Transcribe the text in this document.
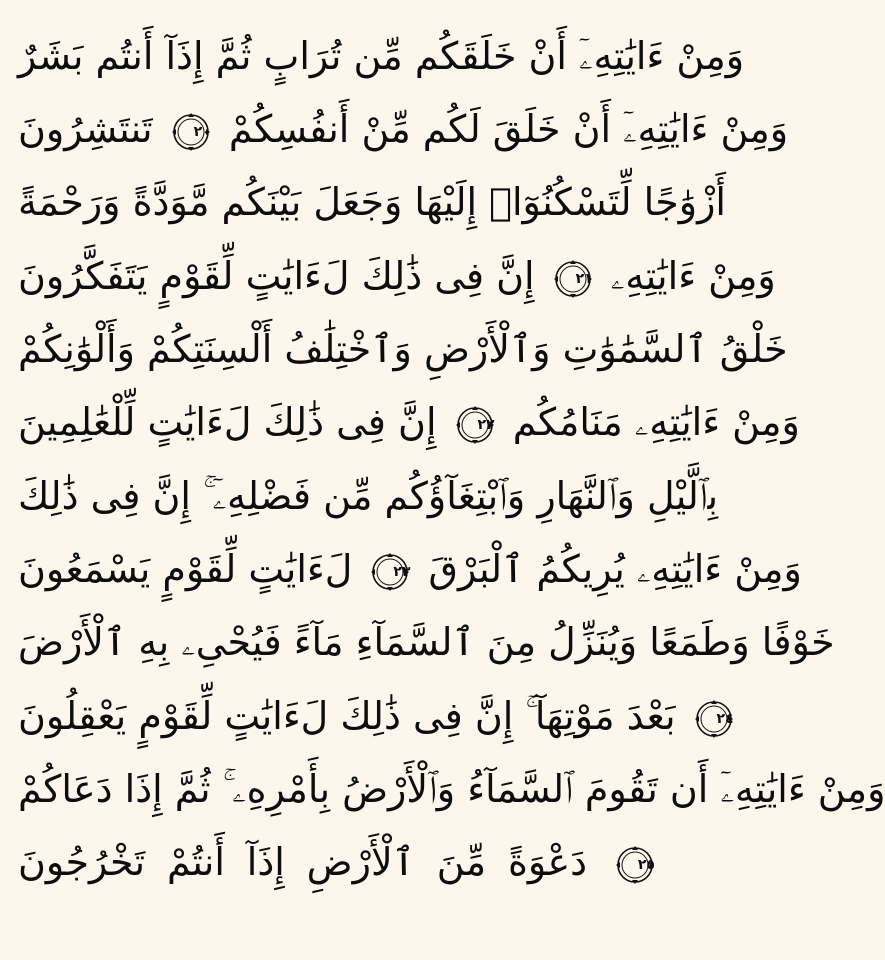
وَمِنْ ءَايَٰتِهِۦٓ أَنْ خَلَقَكُم مِّن تُرَابٍ ثُمَّ إِذَآ أَنتُم بَشَرٌ
تَنتَشِرُونَ	٢٠ وَمِنْ ءَايَٰتِهِۦٓ أَنْ خَلَقَ لَكُم مِّنْ أَنفُسِكُمْ
أَزْوَٰجًا لِّتَسْكُنُوٓا۟ إِلَيْهَا وَجَعَلَ بَيْنَكُم مَّوَدَّةً وَرَحْمَةً
إِنَّ فِى ذَٰلِكَ لَءَايَٰتٍ لِّقَوْمٍ يَتَفَكَّرُونَ	٢١ وَمِنْ ءَايَٰتِهِۦ
خَلْقُ ٱلسَّمَٰوَٰتِ وَٱلْأَرْضِ وَٱخْتِلَٰفُ أَلْسِنَتِكُمْ وَأَلْوَٰنِكُمْ
إِنَّ فِى ذَٰلِكَ لَءَايَٰتٍ لِّلْعَٰلِمِينَ	٢٢ وَمِنْ ءَايَٰتِهِۦ مَنَامُكُم
بِٱلَّيْلِ وَٱلنَّهَارِ وَٱبْتِغَآؤُكُم مِّن فَضْلِهِۦٓ ۚ إِنَّ فِى ذَٰلِكَ
لَءَايَٰتٍ لِّقَوْمٍ يَسْمَعُونَ	٢٣ وَمِنْ ءَايَٰتِهِۦ يُرِيكُمُ ٱلْبَرْقَ
خَوْفًا وَطَمَعًا وَيُنَزِّلُ مِنَ ٱلسَّمَآءِ مَآءً فَيُحْىِۦ بِهِ ٱلْأَرْضَ
بَعْدَ مَوْتِهَآ ۚ إِنَّ فِى ذَٰلِكَ لَءَايَٰتٍ لِّقَوْمٍ يَعْقِلُونَ	٢٤
وَمِنْ ءَايَٰتِهِۦٓ أَن تَقُومَ ٱلسَّمَآءُ وَٱلْأَرْضُ بِأَمْرِهِۦ ۚ ثُمَّ إِذَا دَعَاكُمْ
دَعْوَةً مِّنَ ٱلْأَرْضِ إِذَآ أَنتُمْ تَخْرُجُونَ	٢٥
